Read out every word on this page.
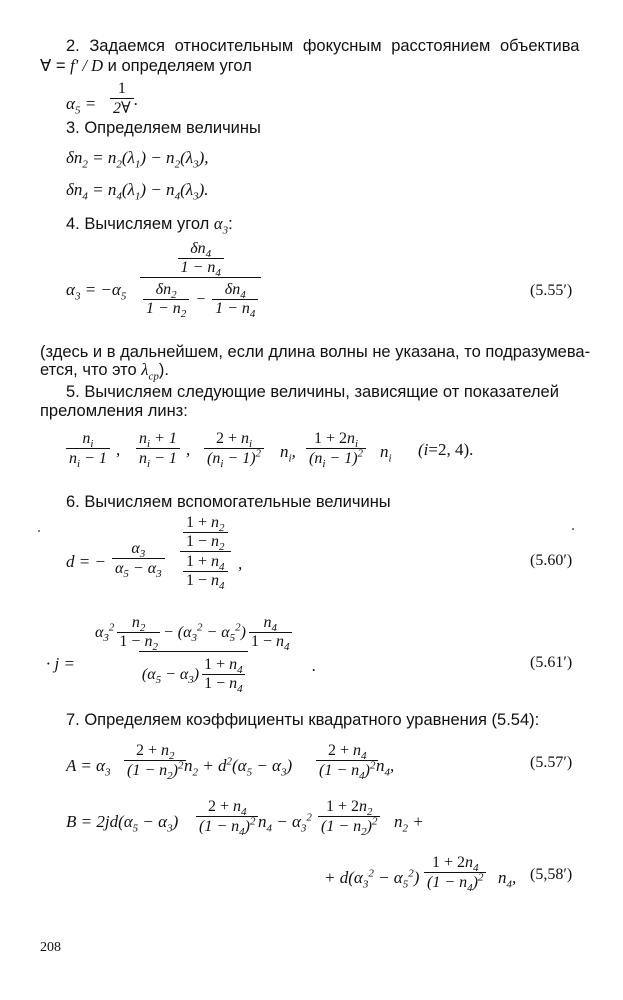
2. Задаемся относительным фокусным расстоянием объектива
∀ = f′ / D и определяем угол
$\alpha_5$ =
1
2∀ .
3. Определяем величины
$\delta n_2 = n_2(\lambda_1) - n_2(\lambda_3)$,
$\delta n_4 = n_4(\lambda_1) - n_4(\lambda_3)$.
4. Вычисляем угол $\alpha_3$:
$\alpha_3 = -\alpha_5$
$\delta n_4$
$1 - n_4$
$\delta n_2$
$1 - n_2$
− $\frac{\delta n_4}{1 - n_4}$	(5.55′)
(здесь и в дальнейшем, если длина волны не указана, то подразумева-
ется, что это $\lambda_{ср}$).
5. Вычисляем следующие величины, зависящие от показателей
преломления линз:
$n_i$
$n_i - 1$ ,
$n_i + 1$
$n_i - 1$ ,
$2 + n_i$
$(n_i - 1)^2$ $n_i$,
$1 + 2n_i$
$(n_i - 1)^2$ $n_i$ (i=2, 4).
6. Вычисляем вспомогательные величины
d = −
$\alpha_3$
$\alpha_5 - \alpha_3$
$1 + n_2$
$1 - n_2$
$1 + n_4$
$1 - n_4$
,	(5.60′)
· j =
$\alpha_3^2$ $n_2$
$1 - n_2$
− $(\alpha_3^2 - \alpha_5^2)$
$n_4$
$1 - n_4$
$(\alpha_5 - \alpha_3)$
$1 + n_4$
$1 - n_4$
.	(5.61′)
7. Определяем коэффициенты квадратного уравнения (5.54):
$A = \alpha_3$
$2 + n_2$
$(1 - n_2)^2$ $n_2 + d^2(\alpha_5 - \alpha_3)$
$2 + n_4$
$(1 - n_4)^2$ $n_4$,	(5.57′)
$B = 2jd(\alpha_5 - \alpha_3)$
$2 + n_4$
$(1 - n_4)^2$ $n_4 - \alpha_3^2$
$1 + 2n_2$
$(1 - n_2)^2$ $n_2$ +
+ $d(\alpha_3^2 - \alpha_5^2)$
$1 + 2n_4$
$(1 - n_4)^2$ $n_4$, (5,58′)
208
